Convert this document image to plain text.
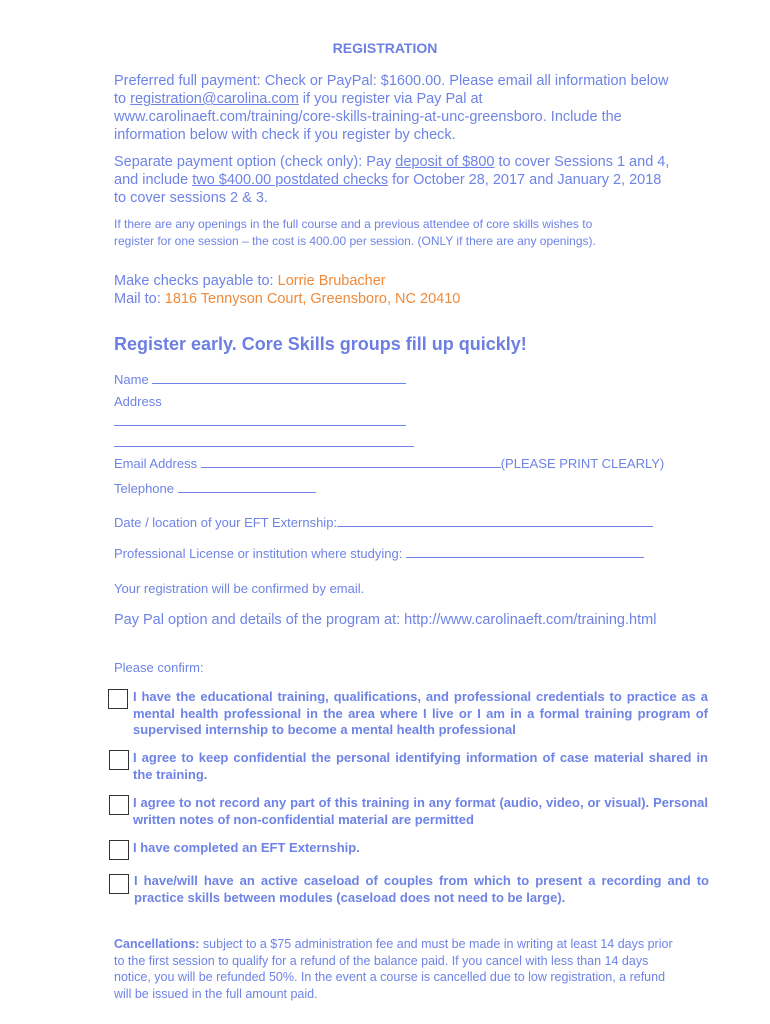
REGISTRATION
Preferred full payment: Check or PayPal: $1600.00. Please email all information below to registration@carolina.com if you register via Pay Pal at www.carolinaeft.com/training/core-skills-training-at-unc-greensboro. Include the information below with check if you register by check.
Separate payment option (check only): Pay deposit of $800 to cover Sessions 1 and 4, and include two $400.00 postdated checks for October 28, 2017 and January 2, 2018 to cover sessions 2 & 3.
If there are any openings in the full course and a previous attendee of core skills wishes to register for one session – the cost is 400.00 per session. (ONLY if there are any openings).
Make checks payable to: Lorrie Brubacher
Mail to: 1816 Tennyson Court, Greensboro, NC 20410
Register early. Core Skills groups fill up quickly!
Name
Address
Email Address	(PLEASE PRINT CLEARLY)
Telephone
Date / location of your EFT Externship:
Professional License or institution where studying:
Your registration will be confirmed by email.
Pay Pal option and details of the program at: http://www.carolinaeft.com/training.html
Please confirm:
I have the educational training, qualifications, and professional credentials to practice as a mental health professional in the area where I live or I am in a formal training program of supervised internship to become a mental health professional
I agree to keep confidential the personal identifying information of case material shared in the training.
I agree to not record any part of this training in any format (audio, video, or visual). Personal written notes of non-confidential material are permitted
I have completed an EFT Externship.
I have/will have an active caseload of couples from which to present a recording and to practice skills between modules (caseload does not need to be large).
Cancellations: subject to a $75 administration fee and must be made in writing at least 14 days prior to the first session to qualify for a refund of the balance paid. If you cancel with less than 14 days notice, you will be refunded 50%. In the event a course is cancelled due to low registration, a refund will be issued in the full amount paid.
